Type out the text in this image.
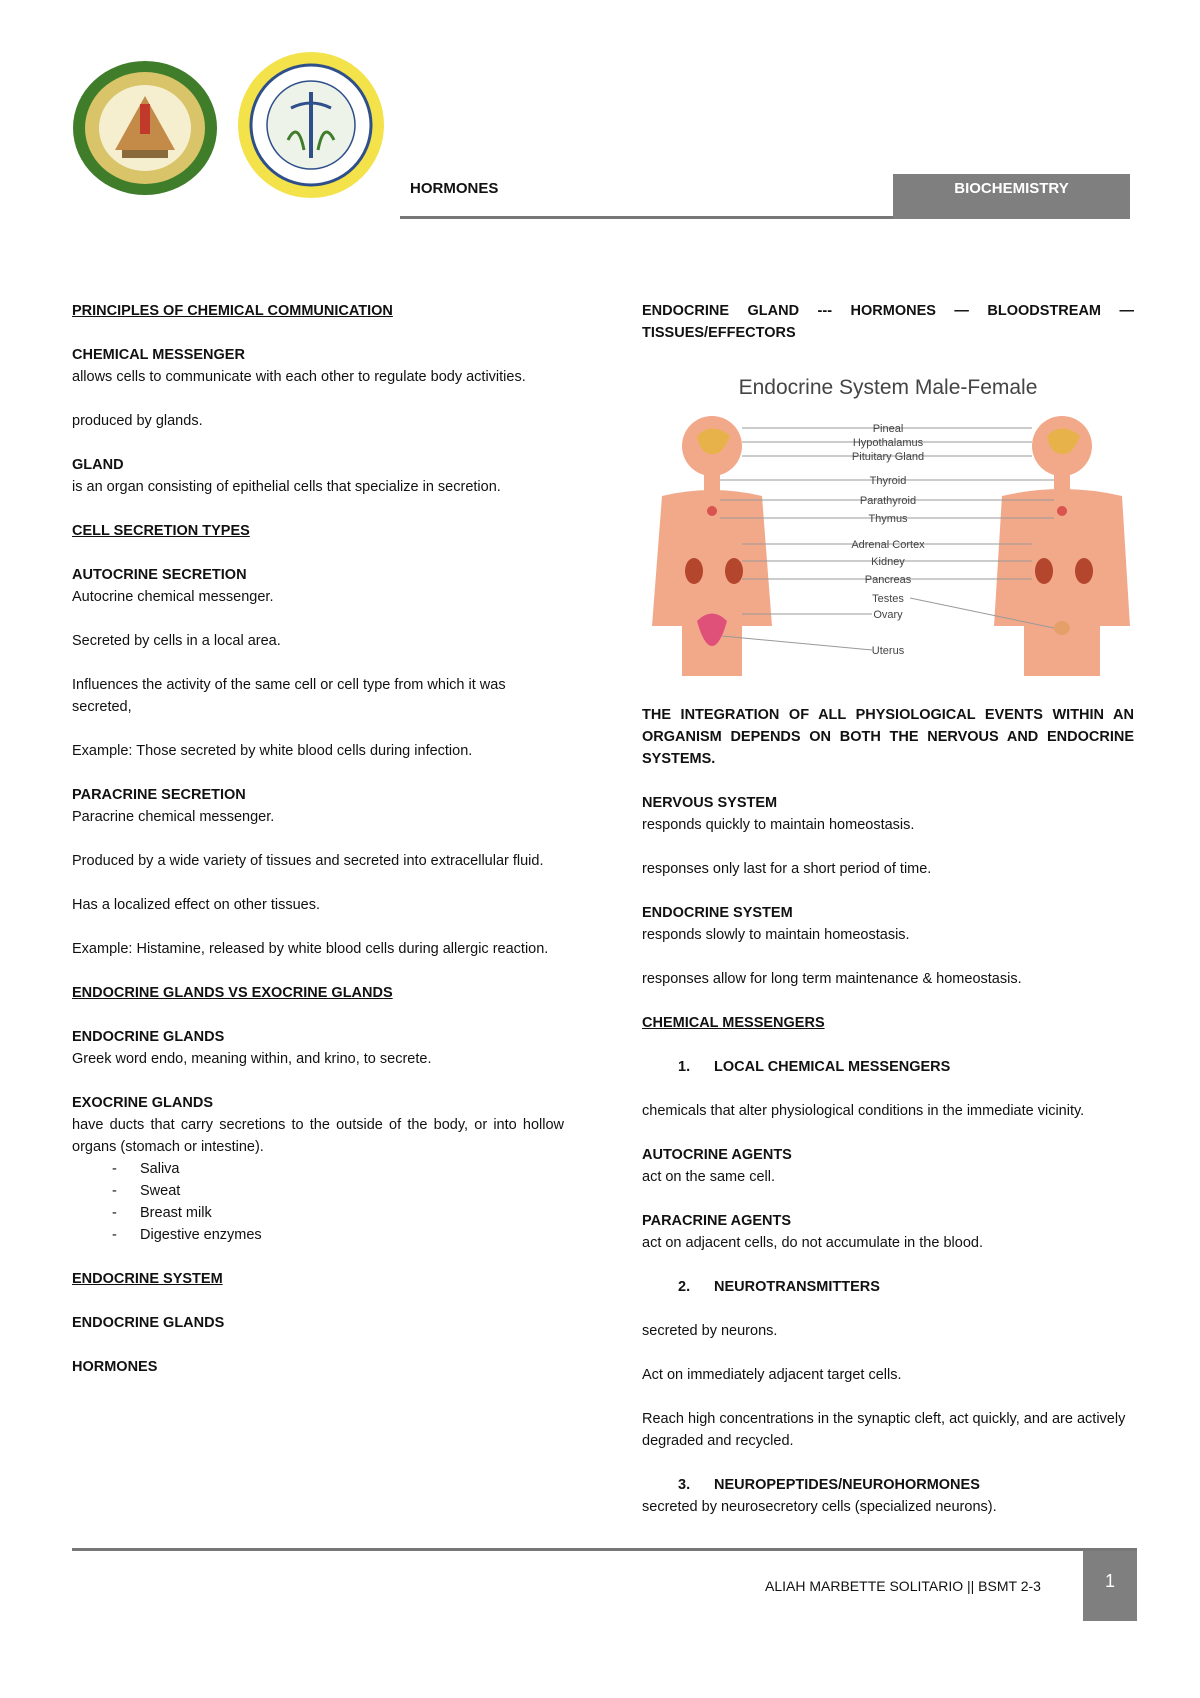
HORMONES	BIOCHEMISTRY

PRINCIPLES OF CHEMICAL COMMUNICATION

CHEMICAL MESSENGER

allows cells to communicate with each other to regulate body activities.

produced by glands.

GLAND

is an organ consisting of epithelial cells that specialize in secretion.

CELL SECRETION TYPES

AUTOCRINE SECRETION

Autocrine chemical messenger.

Secreted by cells in a local area.

Influences the activity of the same cell or cell type from which it was

secreted,

Example: Those secreted by white blood cells during infection.

PARACRINE SECRETION

Paracrine chemical messenger.

Produced by a wide variety of tissues and secreted into extracellular fluid.

Has a localized effect on other tissues.

Example: Histamine, released by white blood cells during allergic reaction.

ENDOCRINE GLANDS VS EXOCRINE GLANDS

ENDOCRINE GLANDS

Greek word endo, meaning within, and krino, to secrete.

EXOCRINE GLANDS
have ducts that carry secretions to the outside of the body, or into hollow organs (stomach or intestine).
- Saliva
- Sweat
- Breast milk
- Digestive enzymes

ENDOCRINE SYSTEM

ENDOCRINE GLANDS

HORMONES

ENDOCRINE GLAND --- HORMONES — BLOODSTREAM — TISSUES/EFFECTORS

Endocrine System Male-Female
Pineal
Hypothalamus
Pituitary Gland
Thyroid
Parathyroid
Thymus
Adrenal Cortex
Kidney
Pancreas
Testes
Ovary
Uterus

THE INTEGRATION OF ALL PHYSIOLOGICAL EVENTS WITHIN AN ORGANISM DEPENDS ON BOTH THE NERVOUS AND ENDOCRINE SYSTEMS.

NERVOUS SYSTEM

responds quickly to maintain homeostasis.

responses only last for a short period of time.

ENDOCRINE SYSTEM

responds slowly to maintain homeostasis.

responses allow for long term maintenance & homeostasis.

CHEMICAL MESSENGERS

1. LOCAL CHEMICAL MESSENGERS

chemicals that alter physiological conditions in the immediate vicinity.

AUTOCRINE AGENTS

act on the same cell.

PARACRINE AGENTS

act on adjacent cells, do not accumulate in the blood.

2. NEUROTRANSMITTERS

secreted by neurons.

Act on immediately adjacent target cells.

Reach high concentrations in the synaptic cleft, act quickly, and are actively degraded and recycled.

3. NEUROPEPTIDES/NEUROHORMONES

secreted by neurosecretory cells (specialized neurons).

ALIAH MARBETTE SOLITARIO || BSMT 2-3	1
